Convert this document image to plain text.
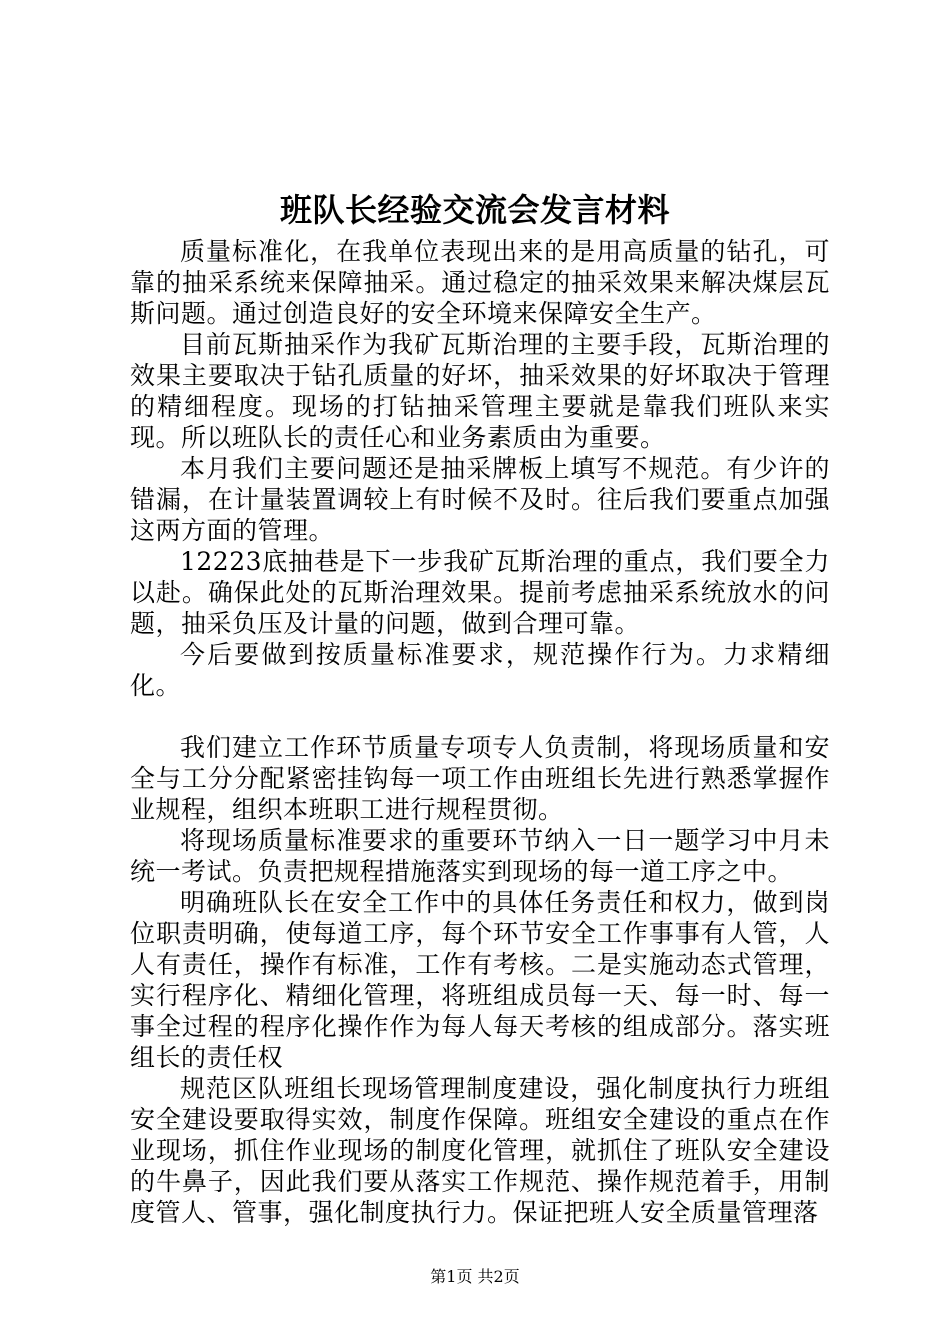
班队长经验交流会发言材料

质量标准化，在我单位表现出来的是用高质量的钻孔，可靠的抽采系统来保障抽采。通过稳定的抽采效果来解决煤层瓦斯问题。通过创造良好的安全环境来保障安全生产。

目前瓦斯抽采作为我矿瓦斯治理的主要手段，瓦斯治理的效果主要取决于钻孔质量的好坏，抽采效果的好坏取决于管理的精细程度。现场的打钻抽采管理主要就是靠我们班队来实现。所以班队长的责任心和业务素质由为重要。

本月我们主要问题还是抽采牌板上填写不规范。有少许的错漏，在计量装置调较上有时候不及时。往后我们要重点加强这两方面的管理。

12223底抽巷是下一步我矿瓦斯治理的重点，我们要全力以赴。确保此处的瓦斯治理效果。提前考虑抽采系统放水的问题，抽采负压及计量的问题，做到合理可靠。

今后要做到按质量标准要求，规范操作行为。力求精细化。

我们建立工作环节质量专项专人负责制，将现场质量和安全与工分分配紧密挂钩每一项工作由班组长先进行熟悉掌握作业规程，组织本班职工进行规程贯彻。

将现场质量标准要求的重要环节纳入一日一题学习中月未统一考试。负责把规程措施落实到现场的每一道工序之中。

明确班队长在安全工作中的具体任务责任和权力，做到岗位职责明确，使每道工序，每个环节安全工作事事有人管，人人有责任，操作有标准，工作有考核。二是实施动态式管理，实行程序化、精细化管理，将班组成员每一天、每一时、每一事全过程的程序化操作作为每人每天考核的组成部分。落实班组长的责任权

规范区队班组长现场管理制度建设，强化制度执行力班组安全建设要取得实效，制度作保障。班组安全建设的重点在作业现场，抓住作业现场的制度化管理，就抓住了班队安全建设的牛鼻子，因此我们要从落实工作规范、操作规范着手，用制度管人、管事，强化制度执行力。保证把班人安全质量管理落

第1页 共2页
